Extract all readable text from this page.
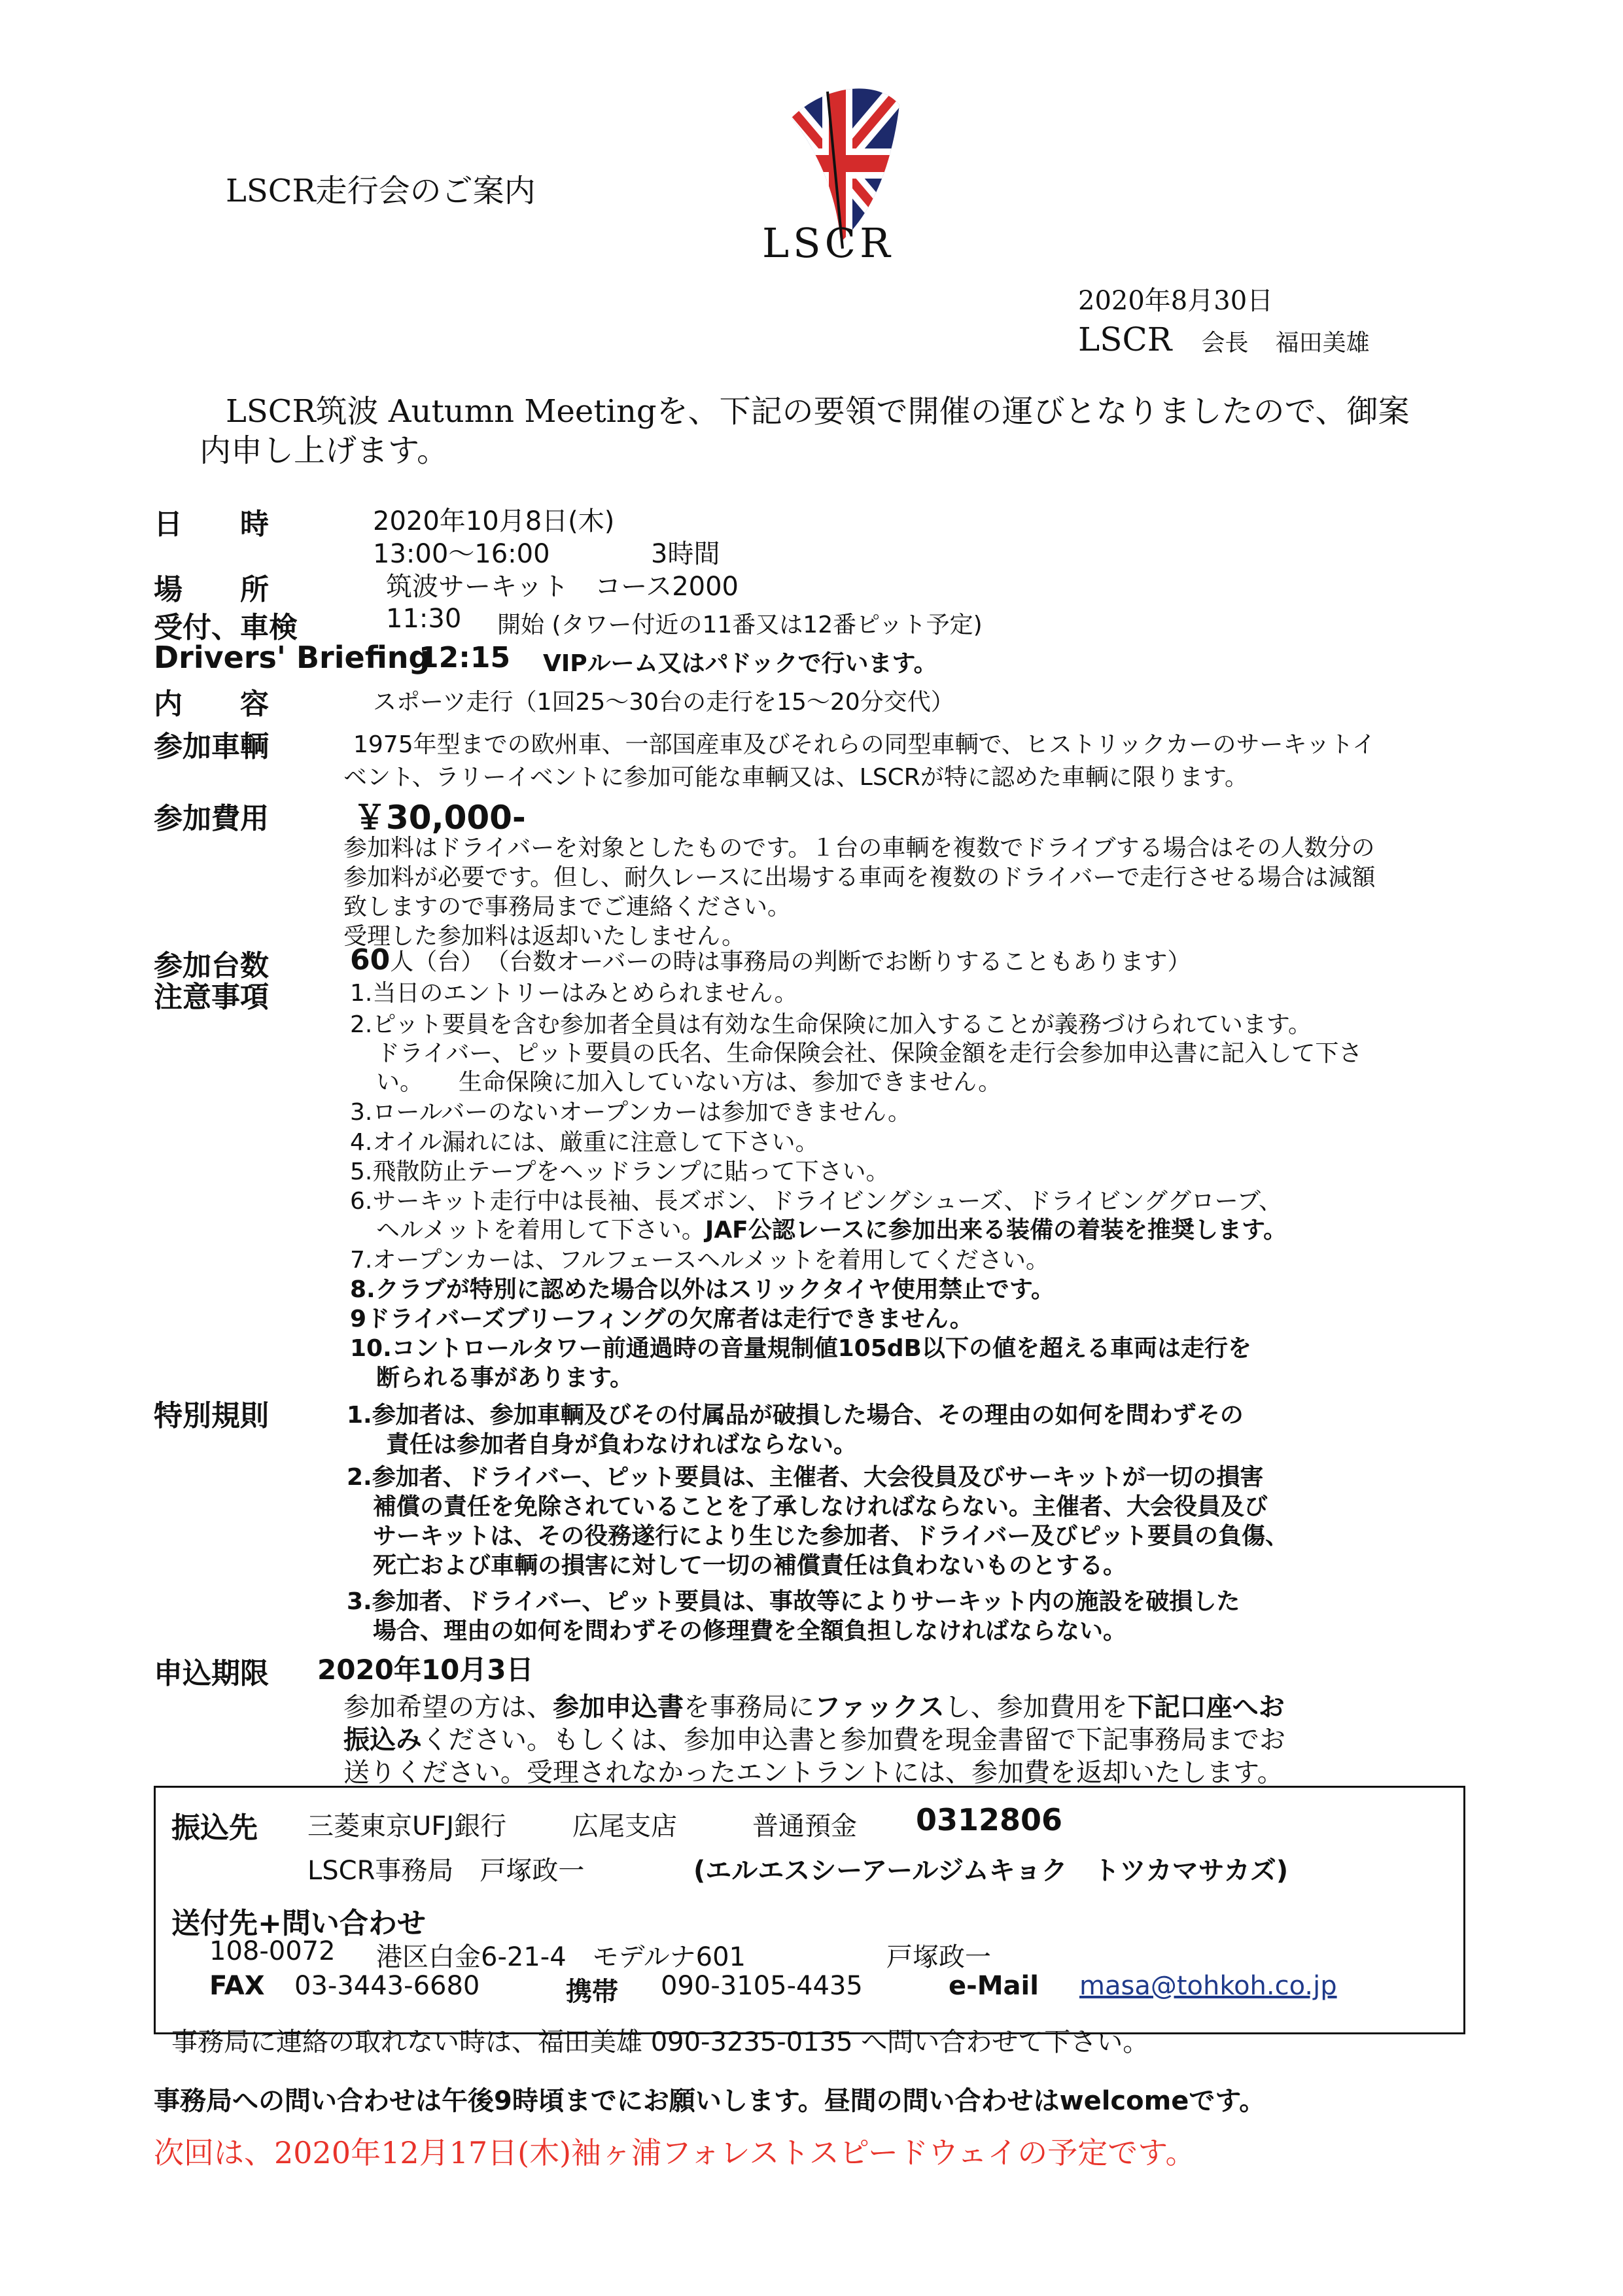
LSCR走行会のご案内
LSCR
2020年8月30日
LSCR 会長 福田美雄
LSCR筑波 Autumn Meetingを、下記の要領で開催の運びとなりましたので、御案
内申し上げます。
日　　時	2020年10月8日(木)
13:00〜16:00	3時間
場　　所	筑波サーキット　コース2000
受付、車検	11:30 開始 (タワー付近の11番又は12番ピット予定)
Drivers' Briefing
12:15 VIPルーム又はパドックで行います。
内　　容	スポーツ走行（1回25〜30台の走行を15〜20分交代）
参加車輌	1975年型までの欧州車、一部国産車及びそれらの同型車輌で、ヒストリックカーのサーキットイ
ベント、ラリーイベントに参加可能な車輌又は、LSCRが特に認めた車輌に限ります。
参加費用	￥30,000-
参加料はドライバーを対象としたものです。１台の車輌を複数でドライブする場合はその人数分の
参加料が必要です。但し、耐久レースに出場する車両を複数のドライバーで走行させる場合は減額
致しますので事務局までご連絡ください。
受理した参加料は返却いたしません。
参加台数	60人（台） （台数オーバーの時は事務局の判断でお断りすることもあります）
注意事項	1.当日のエントリーはみとめられません。
2.ピット要員を含む参加者全員は有効な生命保険に加入することが義務づけられています。
ドライバー、ピット要員の氏名、生命保険会社、保険金額を走行会参加申込書に記入して下さ
い。　　生命保険に加入していない方は、参加できません。
3.ロールバーのないオープンカーは参加できません。
4.オイル漏れには、厳重に注意して下さい。
5.飛散防止テープをヘッドランプに貼って下さい。
6.サーキット走行中は長袖、長ズボン、ドライビングシューズ、ドライビンググローブ、
ヘルメットを着用して下さい。JAF公認レースに参加出来る装備の着装を推奨します。
7.オープンカーは、フルフェースヘルメットを着用してください。
8.クラブが特別に認めた場合以外はスリックタイヤ使用禁止です。
9ドライバーズブリーフィングの欠席者は走行できません。
10.コントロールタワー前通過時の音量規制値105dB以下の値を超える車両は走行を
断られる事があります。
特別規則	1.参加者は、参加車輌及びその付属品が破損した場合、その理由の如何を問わずその
責任は参加者自身が負わなければならない。
2.参加者、ドライバー、ピット要員は、主催者、大会役員及びサーキットが一切の損害
補償の責任を免除されていることを了承しなければならない。主催者、大会役員及び
サーキットは、その役務遂行により生じた参加者、ドライバー及びピット要員の負傷、
死亡および車輌の損害に対して一切の補償責任は負わないものとする。
3.参加者、ドライバー、ピット要員は、事故等によりサーキット内の施設を破損した
場合、理由の如何を問わずその修理費を全額負担しなければならない。
申込期限 2020年10月3日
参加希望の方は、参加申込書を事務局にファックスし、参加費用を下記口座へお
振込みください。もしくは、参加申込書と参加費を現金書留で下記事務局までお
送りください。受理されなかったエントラントには、参加費を返却いたします。
振込先 三菱東京UFJ銀行	広尾支店	普通預金 0312806
LSCR事務局　戸塚政一	(エルエスシーアールジムキョク　トツカマサカズ)
送付先+問い合わせ
108-0072 港区白金6-21-4　モデルナ601	戸塚政一
FAX 03-3443-6680	携帯 090-3105-4435	e-Mail masa@tohkoh.co.jp
事務局に連絡の取れない時は、福田美雄 090-3235-0135 へ問い合わせて下さい。
事務局への問い合わせは午後9時頃までにお願いします。昼間の問い合わせはwelcomeです。
次回は、2020年12月17日(木)袖ヶ浦フォレストスピードウェイの予定です。
